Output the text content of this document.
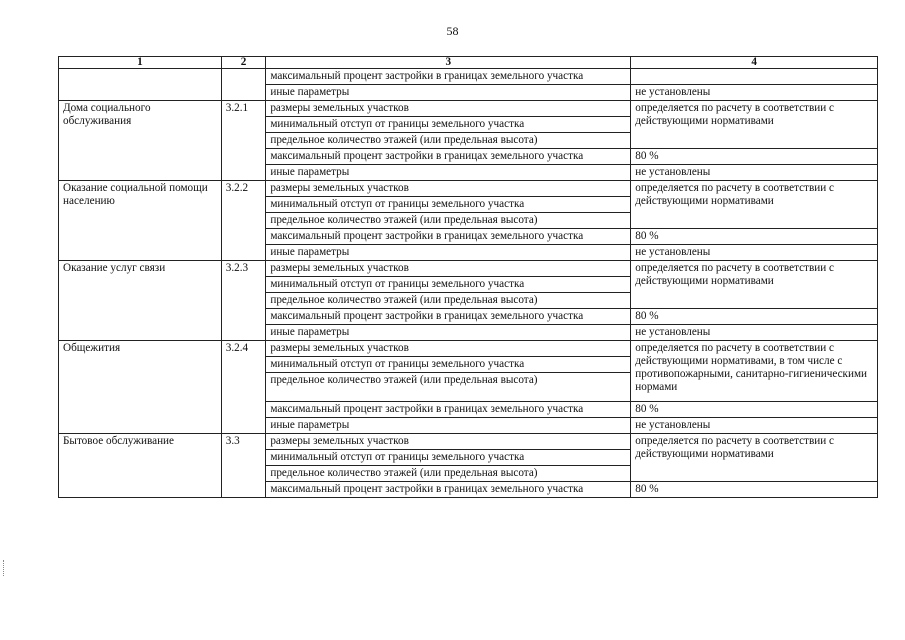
58
1	2	3	4
		максимальный процент застройки в границах земельного участка	
		иные параметры	не установлены
Дома социального обслуживания	3.2.1	размеры земельных участков	определяется по расчету в соответствии с действующими нормативами
		минимальный отступ от границы земельного участка	
		предельное количество этажей (или предельная высота)	
		максимальный процент застройки в границах земельного участка	80 %
		иные параметры	не установлены
Оказание социальной помощи населению	3.2.2	размеры земельных участков	определяется по расчету в соответствии с действующими нормативами
		минимальный отступ от границы земельного участка	
		предельное количество этажей (или предельная высота)	
		максимальный процент застройки в границах земельного участка	80 %
		иные параметры	не установлены
Оказание услуг связи	3.2.3	размеры земельных участков	определяется по расчету в соответствии с действующими нормативами
		минимальный отступ от границы земельного участка	
		предельное количество этажей (или предельная высота)	
		максимальный процент застройки в границах земельного участка	80 %
		иные параметры	не установлены
Общежития	3.2.4	размеры земельных участков	определяется по расчету в соответствии с действующими нормативами, в том числе с противопожарными, санитарно-гигиеническими нормами
		минимальный отступ от границы земельного участка	
		предельное количество этажей (или предельная высота)	
		максимальный процент застройки в границах земельного участка	80 %
		иные параметры	не установлены
Бытовое обслуживание	3.3	размеры земельных участков	определяется по расчету в соответствии с действующими нормативами
		минимальный отступ от границы земельного участка	
		предельное количество этажей (или предельная высота)	
		максимальный процент застройки в границах земельного участка	80 %
